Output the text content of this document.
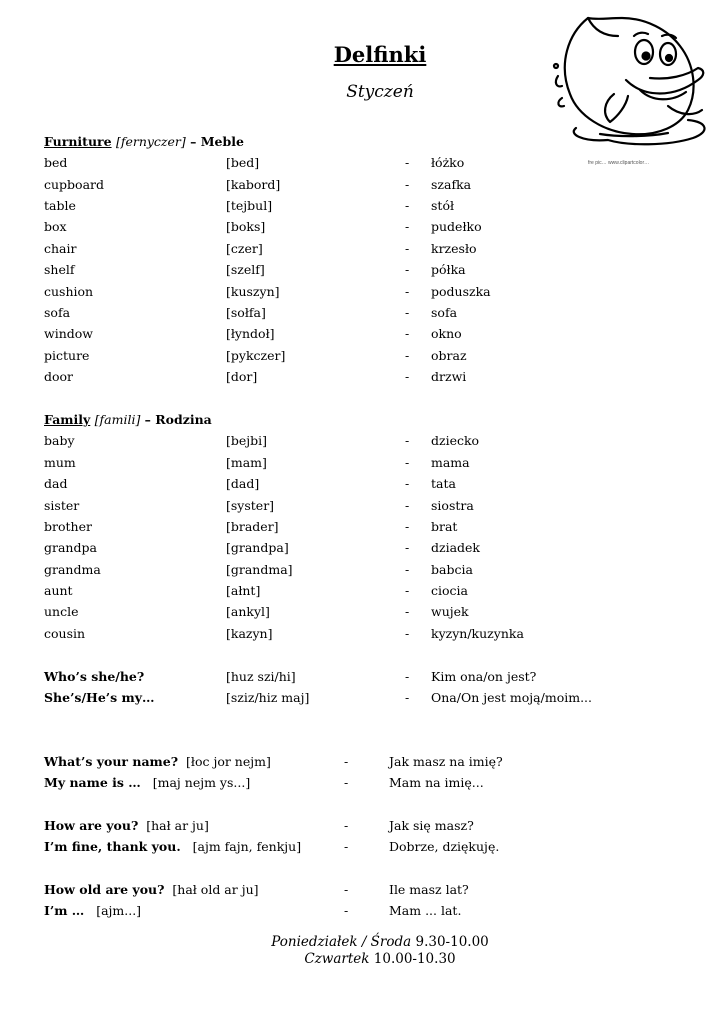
Delfinki
Styczeń
fre pic… www.clipartcolor…
Furniture [fernyczer] – Meble
bed	[bed]	- łóżko
cupboard	[kabord]	- szafka
table	[tejbul]	- stół
box	[boks]	- pudełko
chair	[czer]	- krzesło
shelf	[szelf]	- półka
cushion	[kuszyn]	- poduszka
sofa	[sołfa]	- sofa
window	[łyndoł]	- okno
picture	[pykczer]	- obraz
door	[dor]	- drzwi
Family [famili] – Rodzina
baby	[bejbi]	- dziecko
mum	[mam]	- mama
dad	[dad]	- tata
sister	[syster]	- siostra
brother	[brader]	- brat
grandpa	[grandpa]	- dziadek
grandma	[grandma]	- babcia
aunt	[ałnt]	- ciocia
uncle	[ankyl]	- wujek
cousin	[kazyn]	- kyzyn/kuzynka
Who’s she/he?	[huz szi/hi]	- Kim ona/on jest?
She’s/He’s my…	[sziz/hiz maj]	- Ona/On jest moją/moim...
What’s your name? [łoc jor nejm]	-	Jak masz na imię?
My name is … [maj nejm ys...]	-	Mam na imię...
How are you? [hał ar ju]	-	Jak się masz?
I’m fine, thank you. [ajm fajn, fenkju]	-	Dobrze, dziękuję.
How old are you? [hał old ar ju]	-	Ile masz lat?
I’m … [ajm...]	-	Mam ... lat.
Poniedziałek / Środa 9.30-10.00
Czwartek 10.00-10.30
